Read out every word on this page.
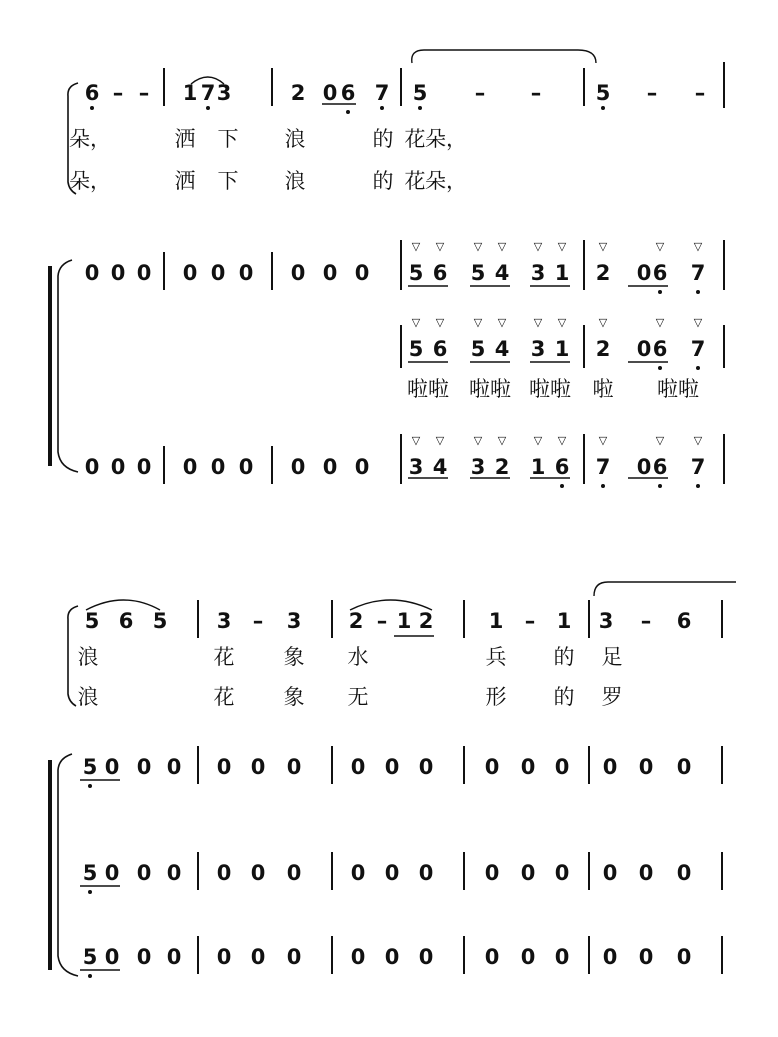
6 – – 1 7 3	2 0 6 7 5 – –	5 – –
朵，	洒 下 浪	的 花 朵，
朵，	洒 下 浪	的 花 朵，
0 0 0 0 0 0 0 0 0 5 6 5 4 3 1 2 0 6 7
0 0 0 0 0 0 0 0 0 3 4 3 2 1 6 7 0 6 7
5 6 5 4 3 1 2 0 6 7
▽ ▽	▽ ▽	▽ ▽	▽	▽	▽
▽ ▽	▽ ▽	▽ ▽	▽	▽	▽
▽ ▽	▽ ▽	▽ ▽	▽	▽	▽
啦啦 啦啦 啦啦 啦 啦啦
5 6 5 3 – 3 2 – 1 2	1 – 1 3 – 6
浪	花 象 水	兵 的 足
浪	花 象 无	形 的 罗
5 0 0 0 0 0 0 0 0 0 0 0 0 0 0 0
5 0 0 0 0 0 0 0 0 0 0 0 0 0 0 0
5 0 0 0 0 0 0 0 0 0 0 0 0 0 0 0
